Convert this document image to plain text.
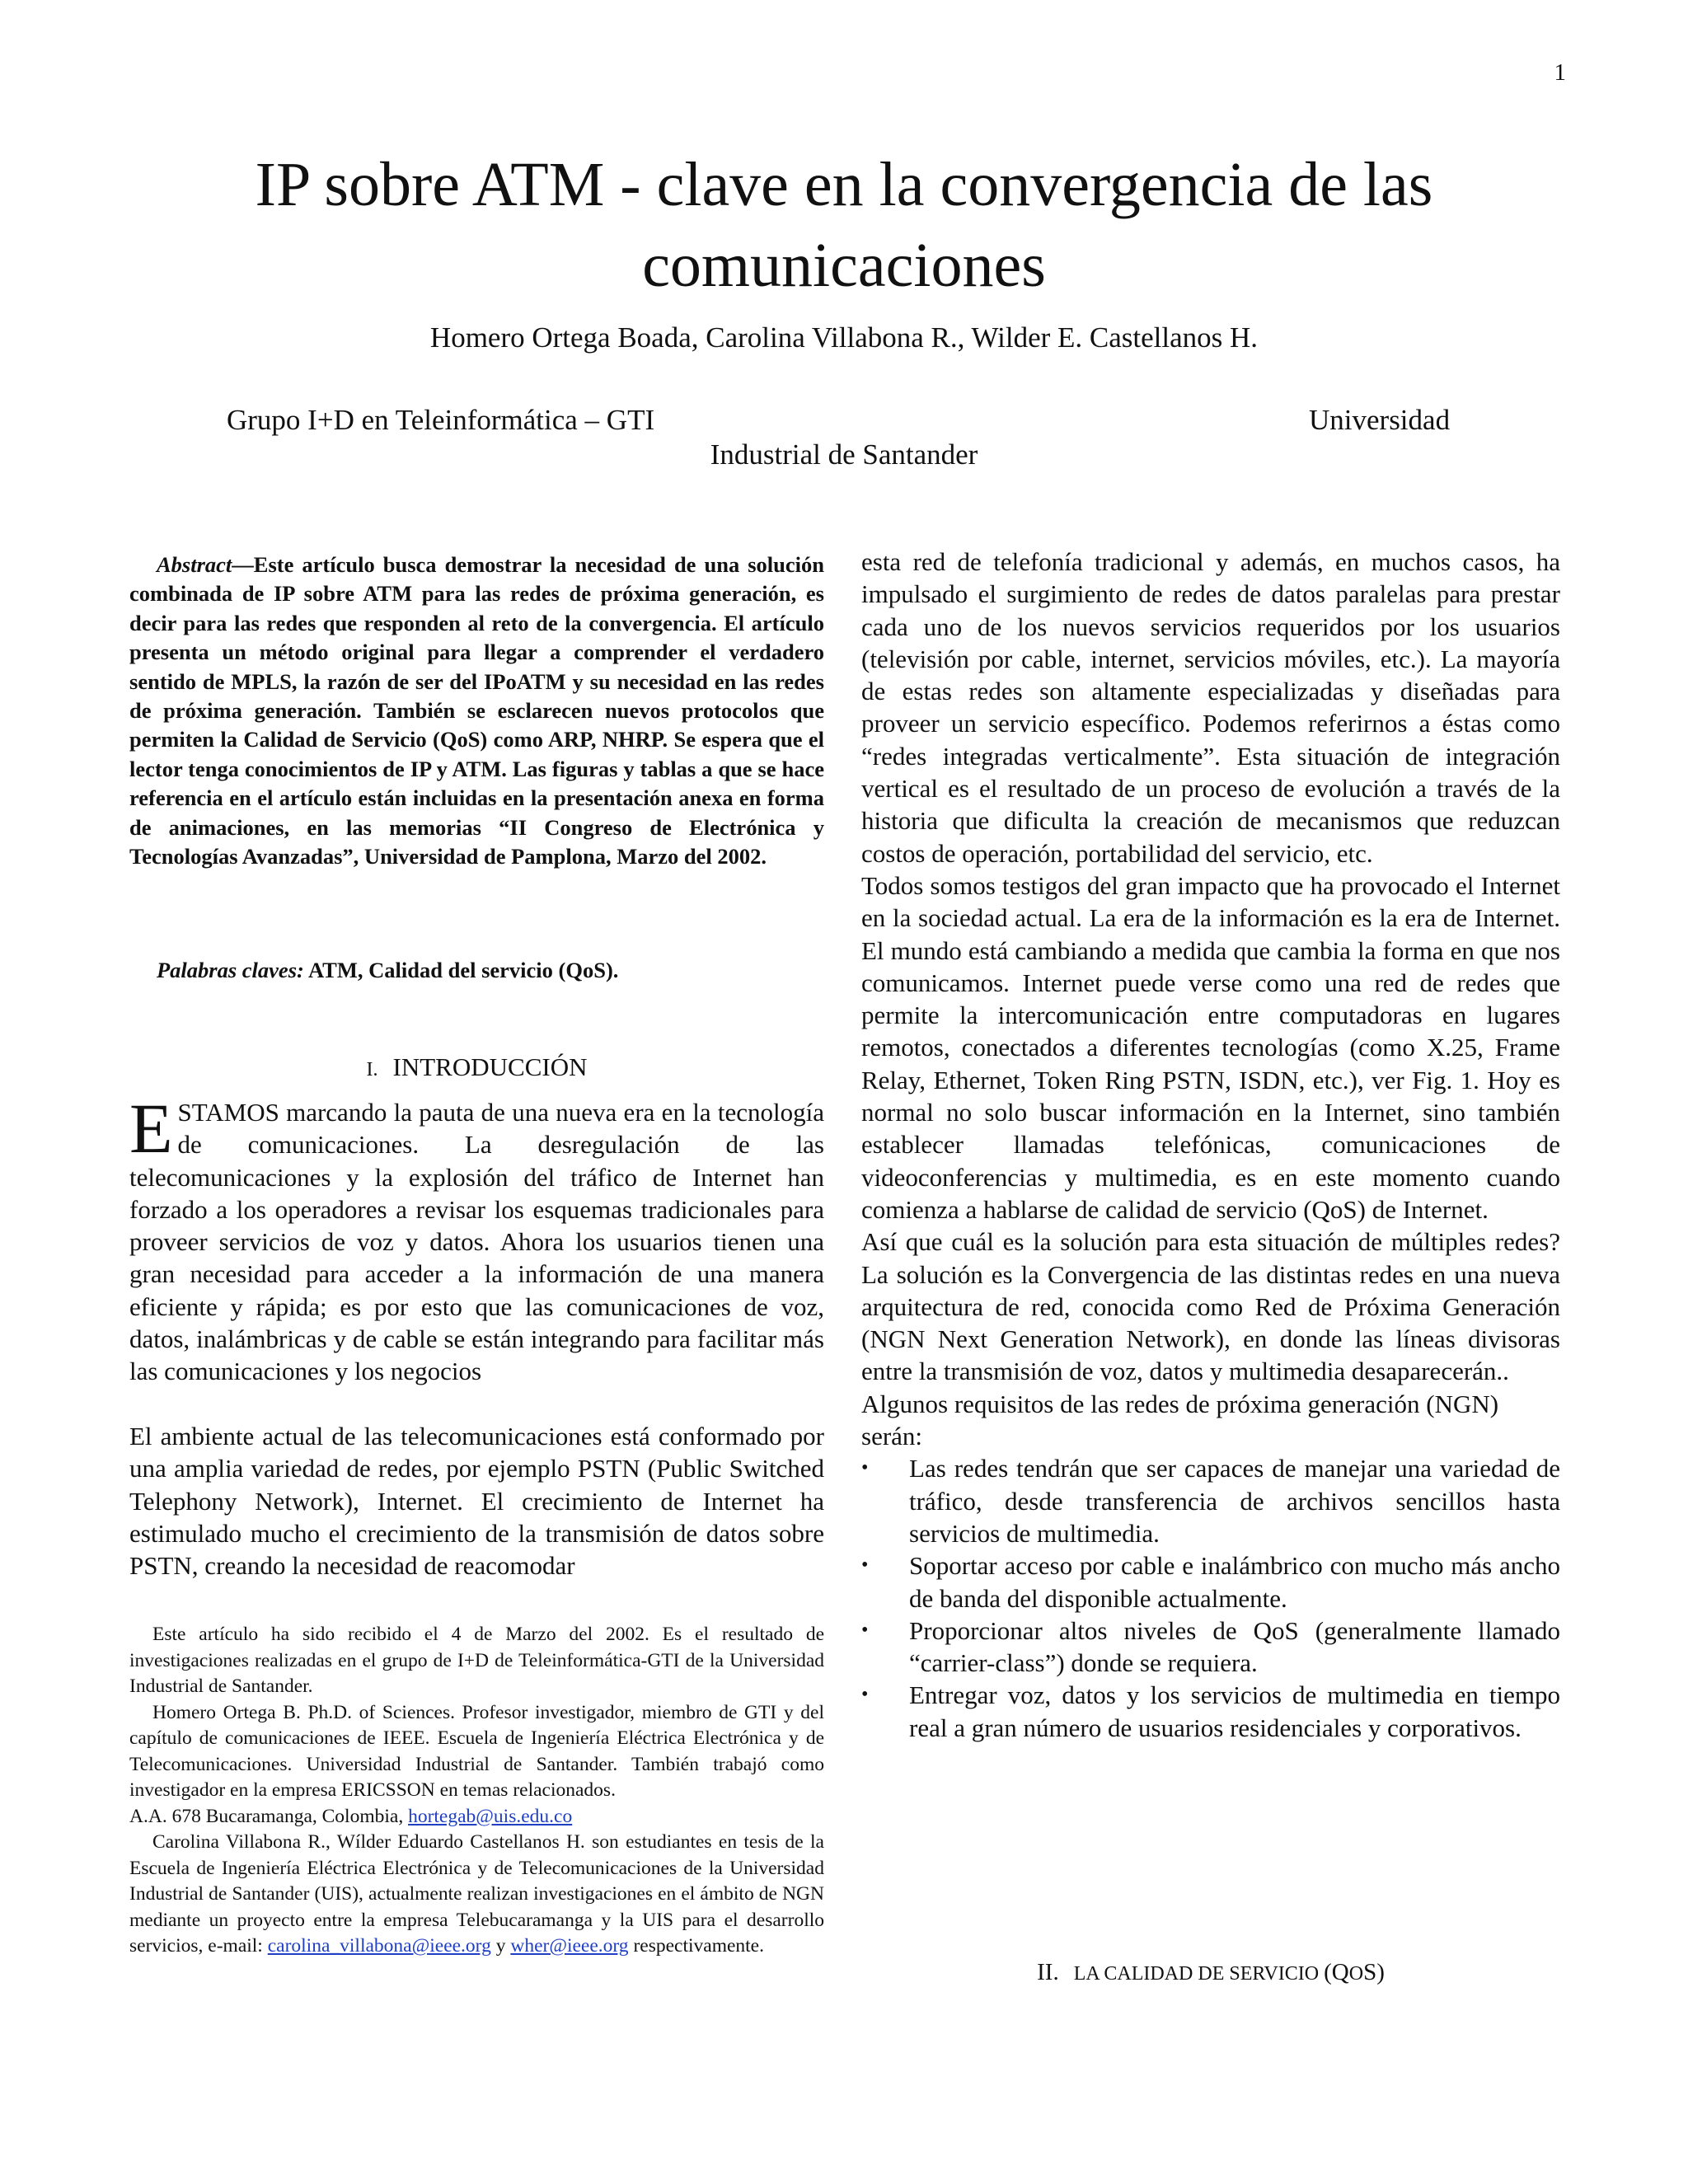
1
IP sobre ATM - clave en la convergencia de las comunicaciones
Homero Ortega Boada, Carolina Villabona R., Wilder E. Castellanos H.
Grupo I+D en Teleinformática – GTI	Universidad
Industrial de Santander

Abstract—Este artículo busca demostrar la necesidad de una solución combinada de IP sobre ATM para las redes de próxima generación, es decir para las redes que responden al reto de la convergencia. El artículo presenta un método original para llegar a comprender el verdadero sentido de MPLS, la razón de ser del IPoATM y su necesidad en las redes de próxima generación. También se esclarecen nuevos protocolos que permiten la Calidad de Servicio (QoS) como ARP, NHRP. Se espera que el lector tenga conocimientos de IP y ATM. Las figuras y tablas a que se hace referencia en el artículo están incluidas en la presentación anexa en forma de animaciones, en las memorias “II Congreso de Electrónica y Tecnologías Avanzadas”, Universidad de Pamplona, Marzo del 2002.

Palabras claves: ATM, Calidad del servicio (QoS).

I. INTRODUCCIÓN

ESTAMOS marcando la pauta de una nueva era en la tecnología de comunicaciones. La desregulación de las telecomunicaciones y la explosión del tráfico de Internet han forzado a los operadores a revisar los esquemas tradicionales para proveer servicios de voz y datos. Ahora los usuarios tienen una gran necesidad para acceder a la información de una manera eficiente y rápida; es por esto que las comunicaciones de voz, datos, inalámbricas y de cable se están integrando para facilitar más las comunicaciones y los negocios

El ambiente actual de las telecomunicaciones está conformado por una amplia variedad de redes, por ejemplo PSTN (Public Switched Telephony Network), Internet. El crecimiento de Internet ha estimulado mucho el crecimiento de la transmisión de datos sobre PSTN, creando la necesidad de reacomodar

Este artículo ha sido recibido el 4 de Marzo del 2002. Es el resultado de investigaciones realizadas en el grupo de I+D de Teleinformática-GTI de la Universidad Industrial de Santander.

Homero Ortega B. Ph.D. of Sciences. Profesor investigador, miembro de GTI y del capítulo de comunicaciones de IEEE. Escuela de Ingeniería Eléctrica Electrónica y de Telecomunicaciones. Universidad Industrial de Santander. También trabajó como investigador en la empresa ERICSSON en temas relacionados.

A.A. 678 Bucaramanga, Colombia, hortegab@uis.edu.co

Carolina Villabona R., Wílder Eduardo Castellanos H. son estudiantes en tesis de la Escuela de Ingeniería Eléctrica Electrónica y de Telecomunicaciones de la Universidad Industrial de Santander (UIS), actualmente realizan investigaciones en el ámbito de NGN mediante un proyecto entre la empresa Telebucaramanga y la UIS para el desarrollo servicios, e-mail: carolina_villabona@ieee.org y wher@ieee.org respectivamente.

esta red de telefonía tradicional y además, en muchos casos, ha impulsado el surgimiento de redes de datos paralelas para prestar cada uno de los nuevos servicios requeridos por los usuarios (televisión por cable, internet, servicios móviles, etc.). La mayoría de estas redes son altamente especializadas y diseñadas para proveer un servicio específico. Podemos referirnos a éstas como “redes integradas verticalmente”. Esta situación de integración vertical es el resultado de un proceso de evolución a través de la historia que dificulta la creación de mecanismos que reduzcan costos de operación, portabilidad del servicio, etc.

Todos somos testigos del gran impacto que ha provocado el Internet en la sociedad actual. La era de la información es la era de Internet. El mundo está cambiando a medida que cambia la forma en que nos comunicamos. Internet puede verse como una red de redes que permite la intercomunicación entre computadoras en lugares remotos, conectados a diferentes tecnologías (como X.25, Frame Relay, Ethernet, Token Ring PSTN, ISDN, etc.), ver Fig. 1. Hoy es normal no solo buscar información en la Internet, sino también establecer llamadas telefónicas, comunicaciones de videoconferencias y multimedia, es en este momento cuando comienza a hablarse de calidad de servicio (QoS) de Internet.

Así que cuál es la solución para esta situación de múltiples redes? La solución es la Convergencia de las distintas redes en una nueva arquitectura de red, conocida como Red de Próxima Generación (NGN Next Generation Network), en donde las líneas divisoras entre la transmisión de voz, datos y multimedia desaparecerán..

Algunos requisitos de las redes de próxima generación (NGN) serán:

• Las redes tendrán que ser capaces de manejar una variedad de tráfico, desde transferencia de archivos sencillos hasta servicios de multimedia.
• Soportar acceso por cable e inalámbrico con mucho más ancho de banda del disponible actualmente.
• Proporcionar altos niveles de QoS (generalmente llamado “carrier-class”) donde se requiera.
• Entregar voz, datos y los servicios de multimedia en tiempo real a gran número de usuarios residenciales y corporativos.
II. LA CALIDAD DE SERVICIO (QOS)
